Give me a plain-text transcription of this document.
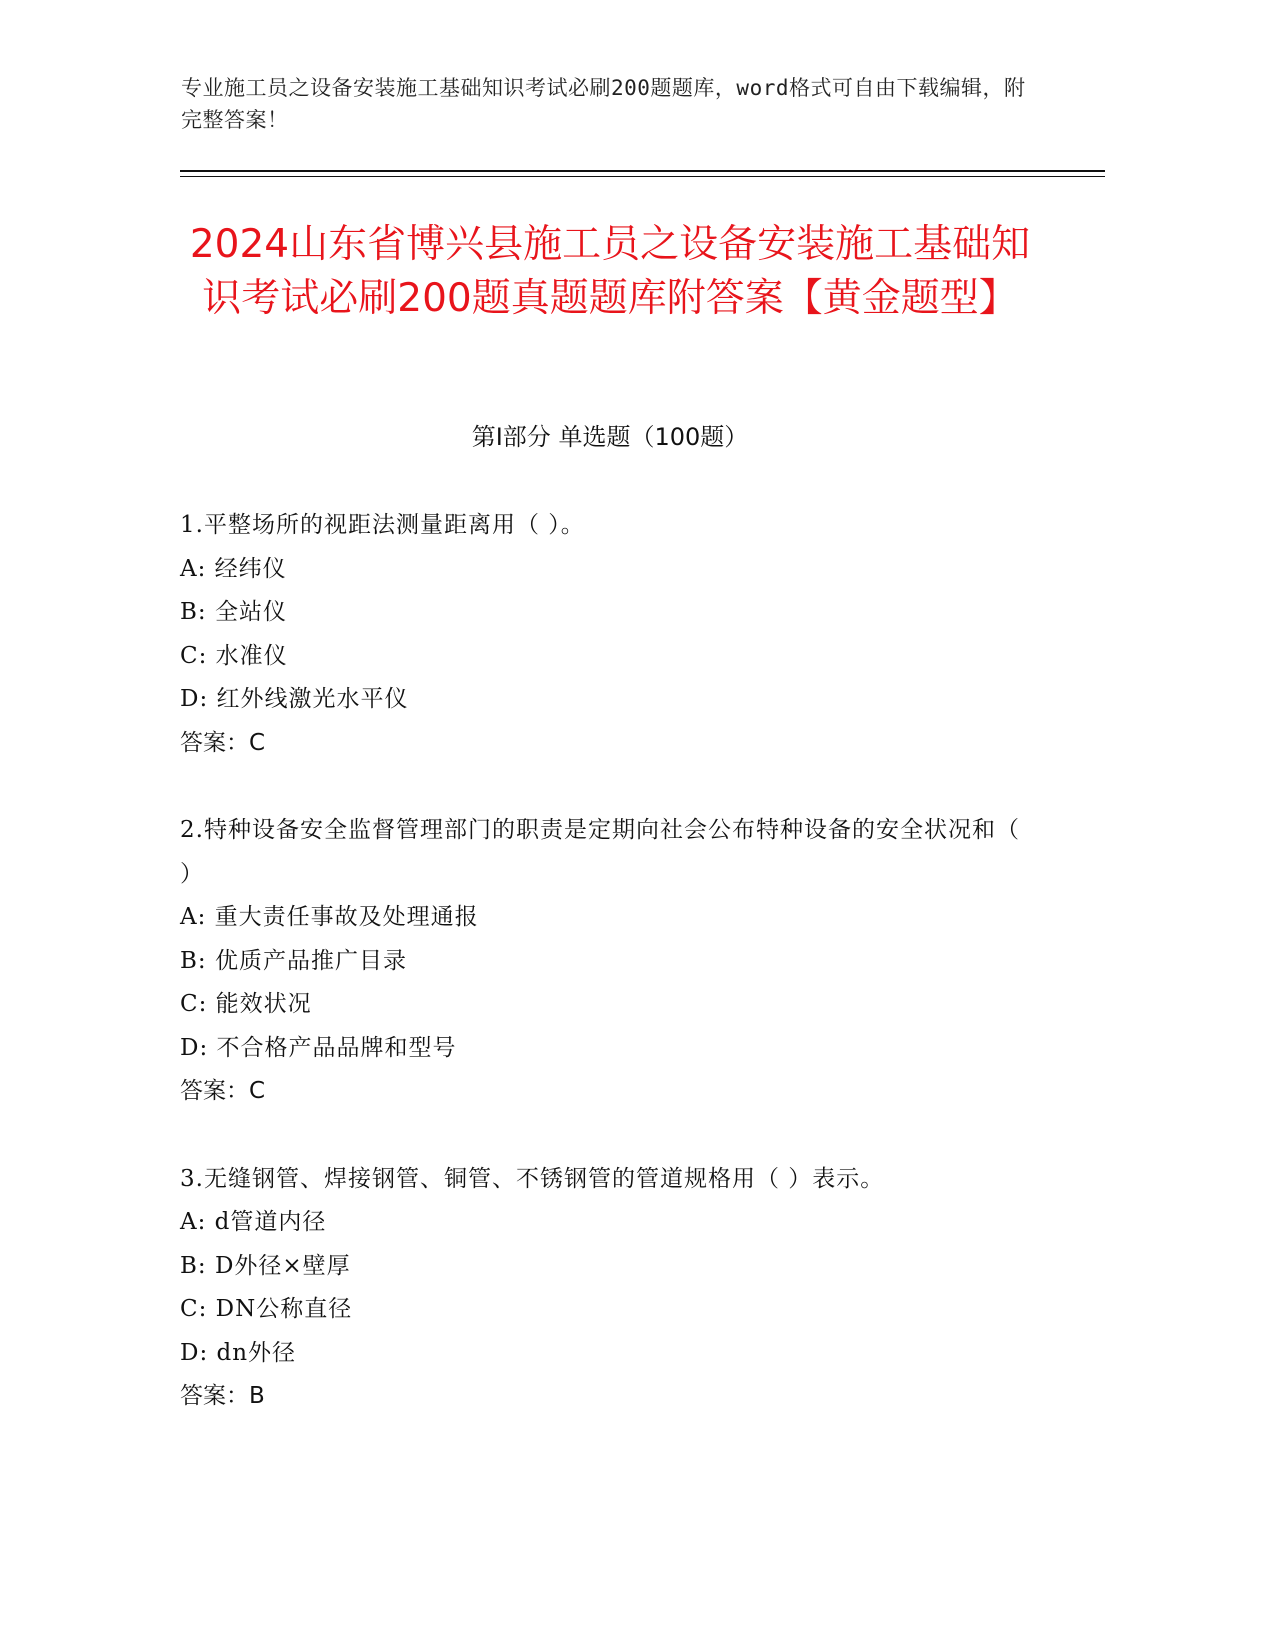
专业施工员之设备安装施工基础知识考试必刷200题题库，word格式可自由下载编辑，附完整答案！
2024山东省博兴县施工员之设备安装施工基础知识考试必刷200题真题题库附答案【黄金题型】
第Ⅰ部分 单选题（100题）
1.平整场所的视距法测量距离用（ ）。
A: 经纬仪
B: 全站仪
C: 水准仪
D: 红外线激光水平仪
答案：C
2.特种设备安全监督管理部门的职责是定期向社会公布特种设备的安全状况和（ ）
A: 重大责任事故及处理通报
B: 优质产品推广目录
C: 能效状况
D: 不合格产品品牌和型号
答案：C
3.无缝钢管、焊接钢管、铜管、不锈钢管的管道规格用（ ）表示。
A: d管道内径
B: D外径×壁厚
C: DN公称直径
D: dn外径
答案：B
